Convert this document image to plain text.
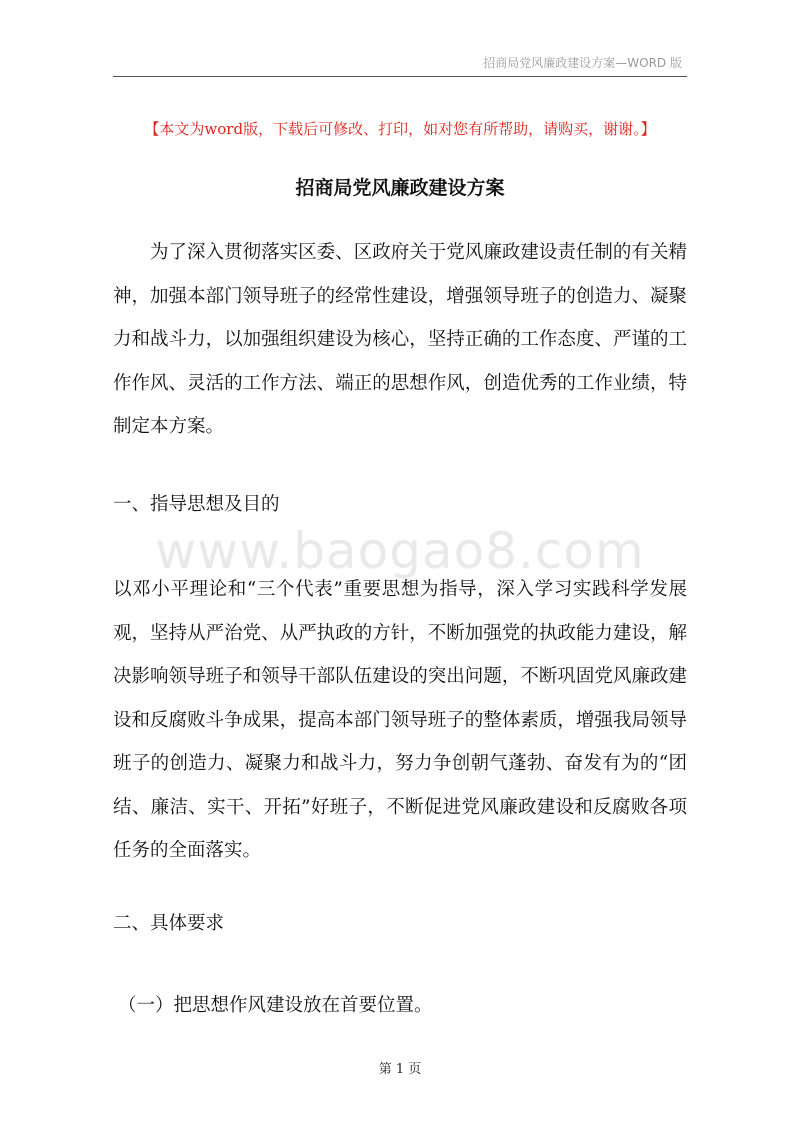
招商局党风廉政建设方案—WORD 版
【本文为word版，下载后可修改、打印，如对您有所帮助，请购买，谢谢。】
招商局党风廉政建设方案

为了深入贯彻落实区委、区政府关于党风廉政建设责任制的有关精神，加强本部门领导班子的经常性建设，增强领导班子的创造力、凝聚力和战斗力，以加强组织建设为核心，坚持正确的工作态度、严谨的工作作风、灵活的工作方法、端正的思想作风，创造优秀的工作业绩，特制定本方案。

一、指导思想及目的

www.baogao8.com

以邓小平理论和“三个代表”重要思想为指导，深入学习实践科学发展观，坚持从严治党、从严执政的方针，不断加强党的执政能力建设，解决影响领导班子和领导干部队伍建设的突出问题，不断巩固党风廉政建设和反腐败斗争成果，提高本部门领导班子的整体素质，增强我局领导班子的创造力、凝聚力和战斗力，努力争创朝气蓬勃、奋发有为的“团结、廉洁、实干、开拓”好班子，不断促进党风廉政建设和反腐败各项任务的全面落实。

二、具体要求

（一）把思想作风建设放在首要位置。

第 1 页
